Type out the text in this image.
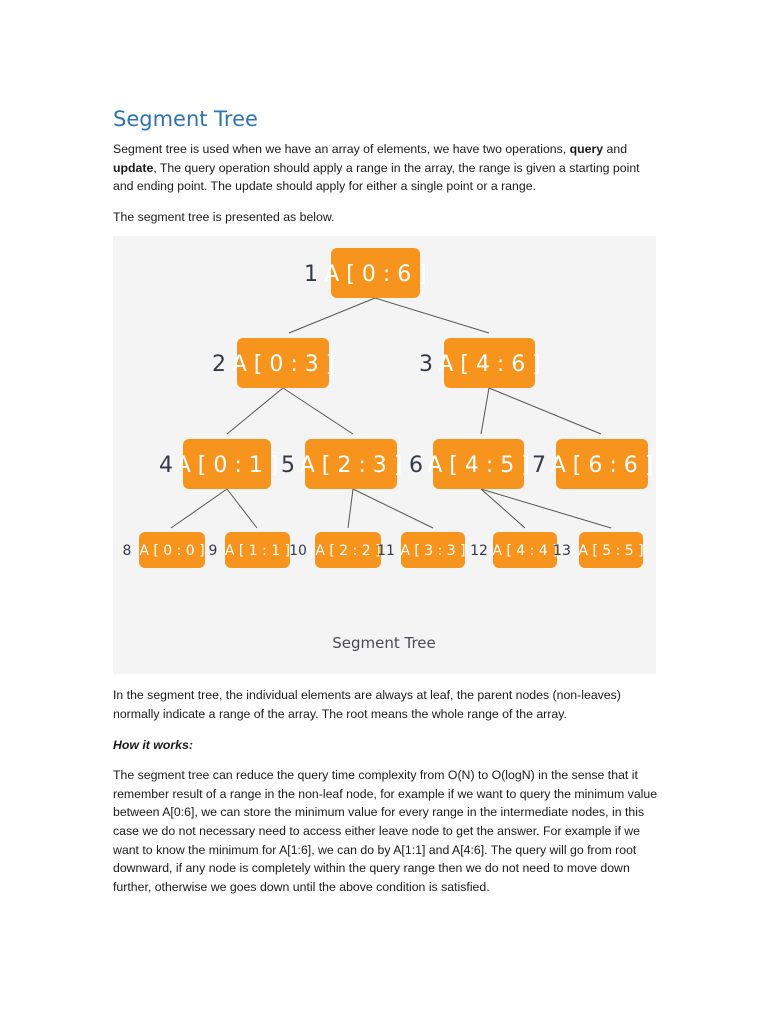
Segment Tree

Segment tree is used when we have an array of elements, we have two operations, query and update, The query operation should apply a range in the array, the range is given a starting point and ending point. The update should apply for either a single point or a range.

The segment tree is presented as below.

A [ 0 : 6 ]
1
A [ 0 : 3 ]
2	A [ 4 : 6 ]
3
A [ 0 : 1 ]
4	A [ 2 : 3 ]
5	A [ 4 : 5 ]
6	A [ 6 : 6 ]
7
A [ 0 : 0 ]
8	A [ 1 : 1 ]
9	A [ 2 : 2 ]
10	A [ 3 : 3 ]
11	A [ 4 : 4 ]
12	A [ 5 : 5 ]
13
Segment Tree

In the segment tree, the individual elements are always at leaf, the parent nodes (non-leaves) normally indicate a range of the array. The root means the whole range of the array.

How it works:

The segment tree can reduce the query time complexity from O(N) to O(logN) in the sense that it remember result of a range in the non-leaf node, for example if we want to query the minimum value between A[0:6], we can store the minimum value for every range in the intermediate nodes, in this case we do not necessary need to access either leave node to get the answer. For example if we want to know the minimum for A[1:6], we can do by A[1:1] and A[4:6]. The query will go from root downward, if any node is completely within the query range then we do not need to move down further, otherwise we goes down until the above condition is satisfied.
